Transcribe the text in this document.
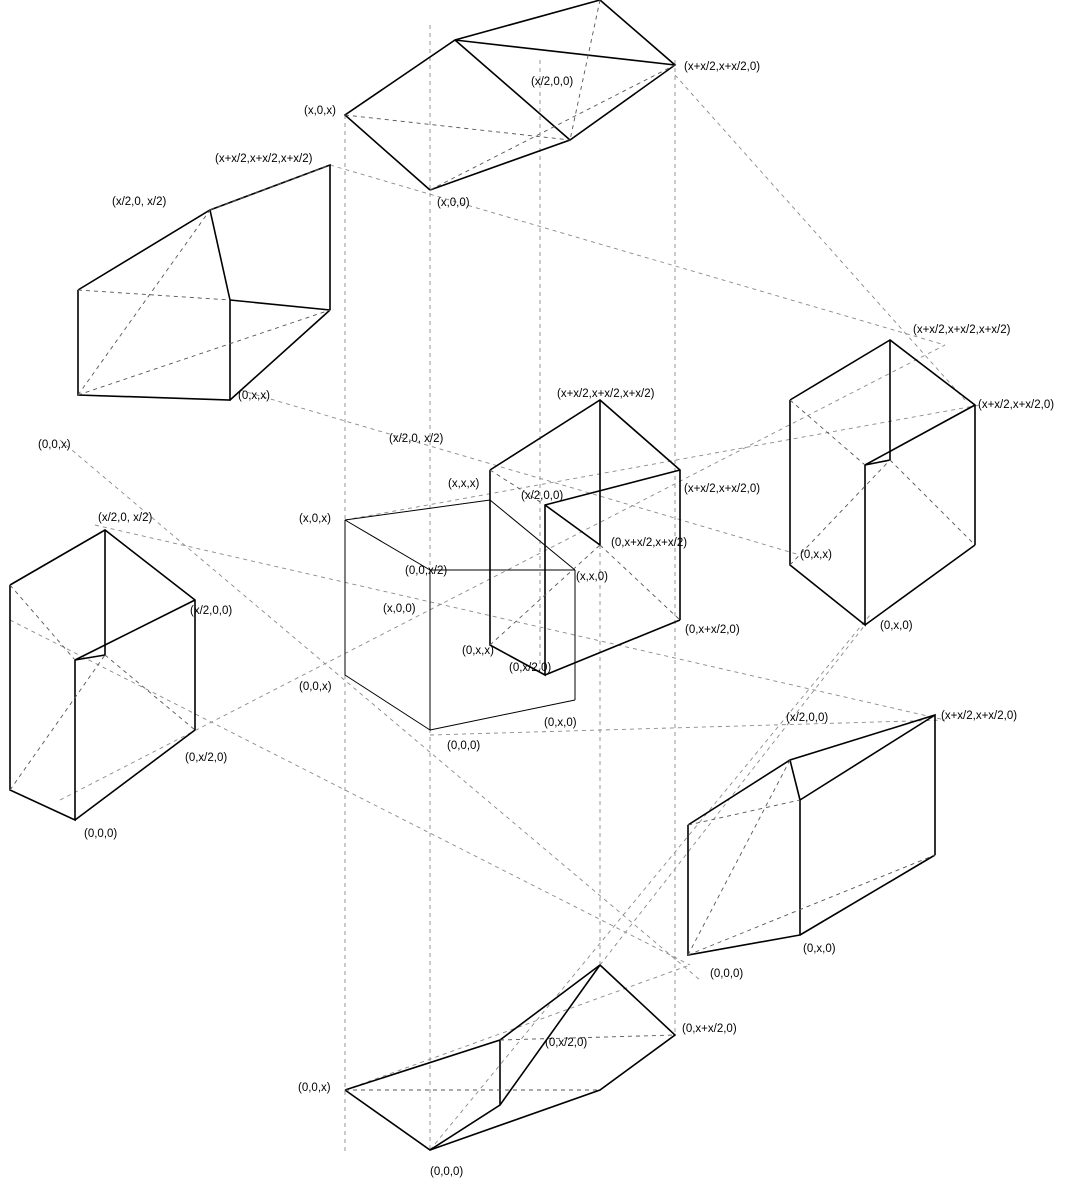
(x+x/2,x+x/2,0)
(x/2,0,0)
(x,0,x)
(x,0,0)
(x+x/2,x+x/2,x+x/2)
(x/2,0, x/2)
(0,x,x)
(0,0,x)
(x+x/2,x+x/2,x+x/2)
(x+x/2,x+x/2,x+x/2)
(x+x/2,x+x/2,0)
(x/2,0, x/2)
(x,x,x)
(x/2,0,0)
(x+x/2,x+x/2,0)
(x,0,x)
(x/2,0, x/2)
(0,x+x/2,x+x/2)
(0,x,x)
(0,0,x/2)	(x,x,0)
(x/2,0,0)	(x,0,0)
(0,x+x/2,0)	(0,x,0)
(0,x,x)
(0,x/2,0)
(0,0,x)
(0,x/2,0)
(0,x,0)
(0,0,0)
(x/2,0,0)	(x+x/2,x+x/2,0)
(0,0,0)
(0,x,0)
(0,0,0)
(0,x/2,0)
(0,x+x/2,0)
(0,0,x)
(0,0,0)
